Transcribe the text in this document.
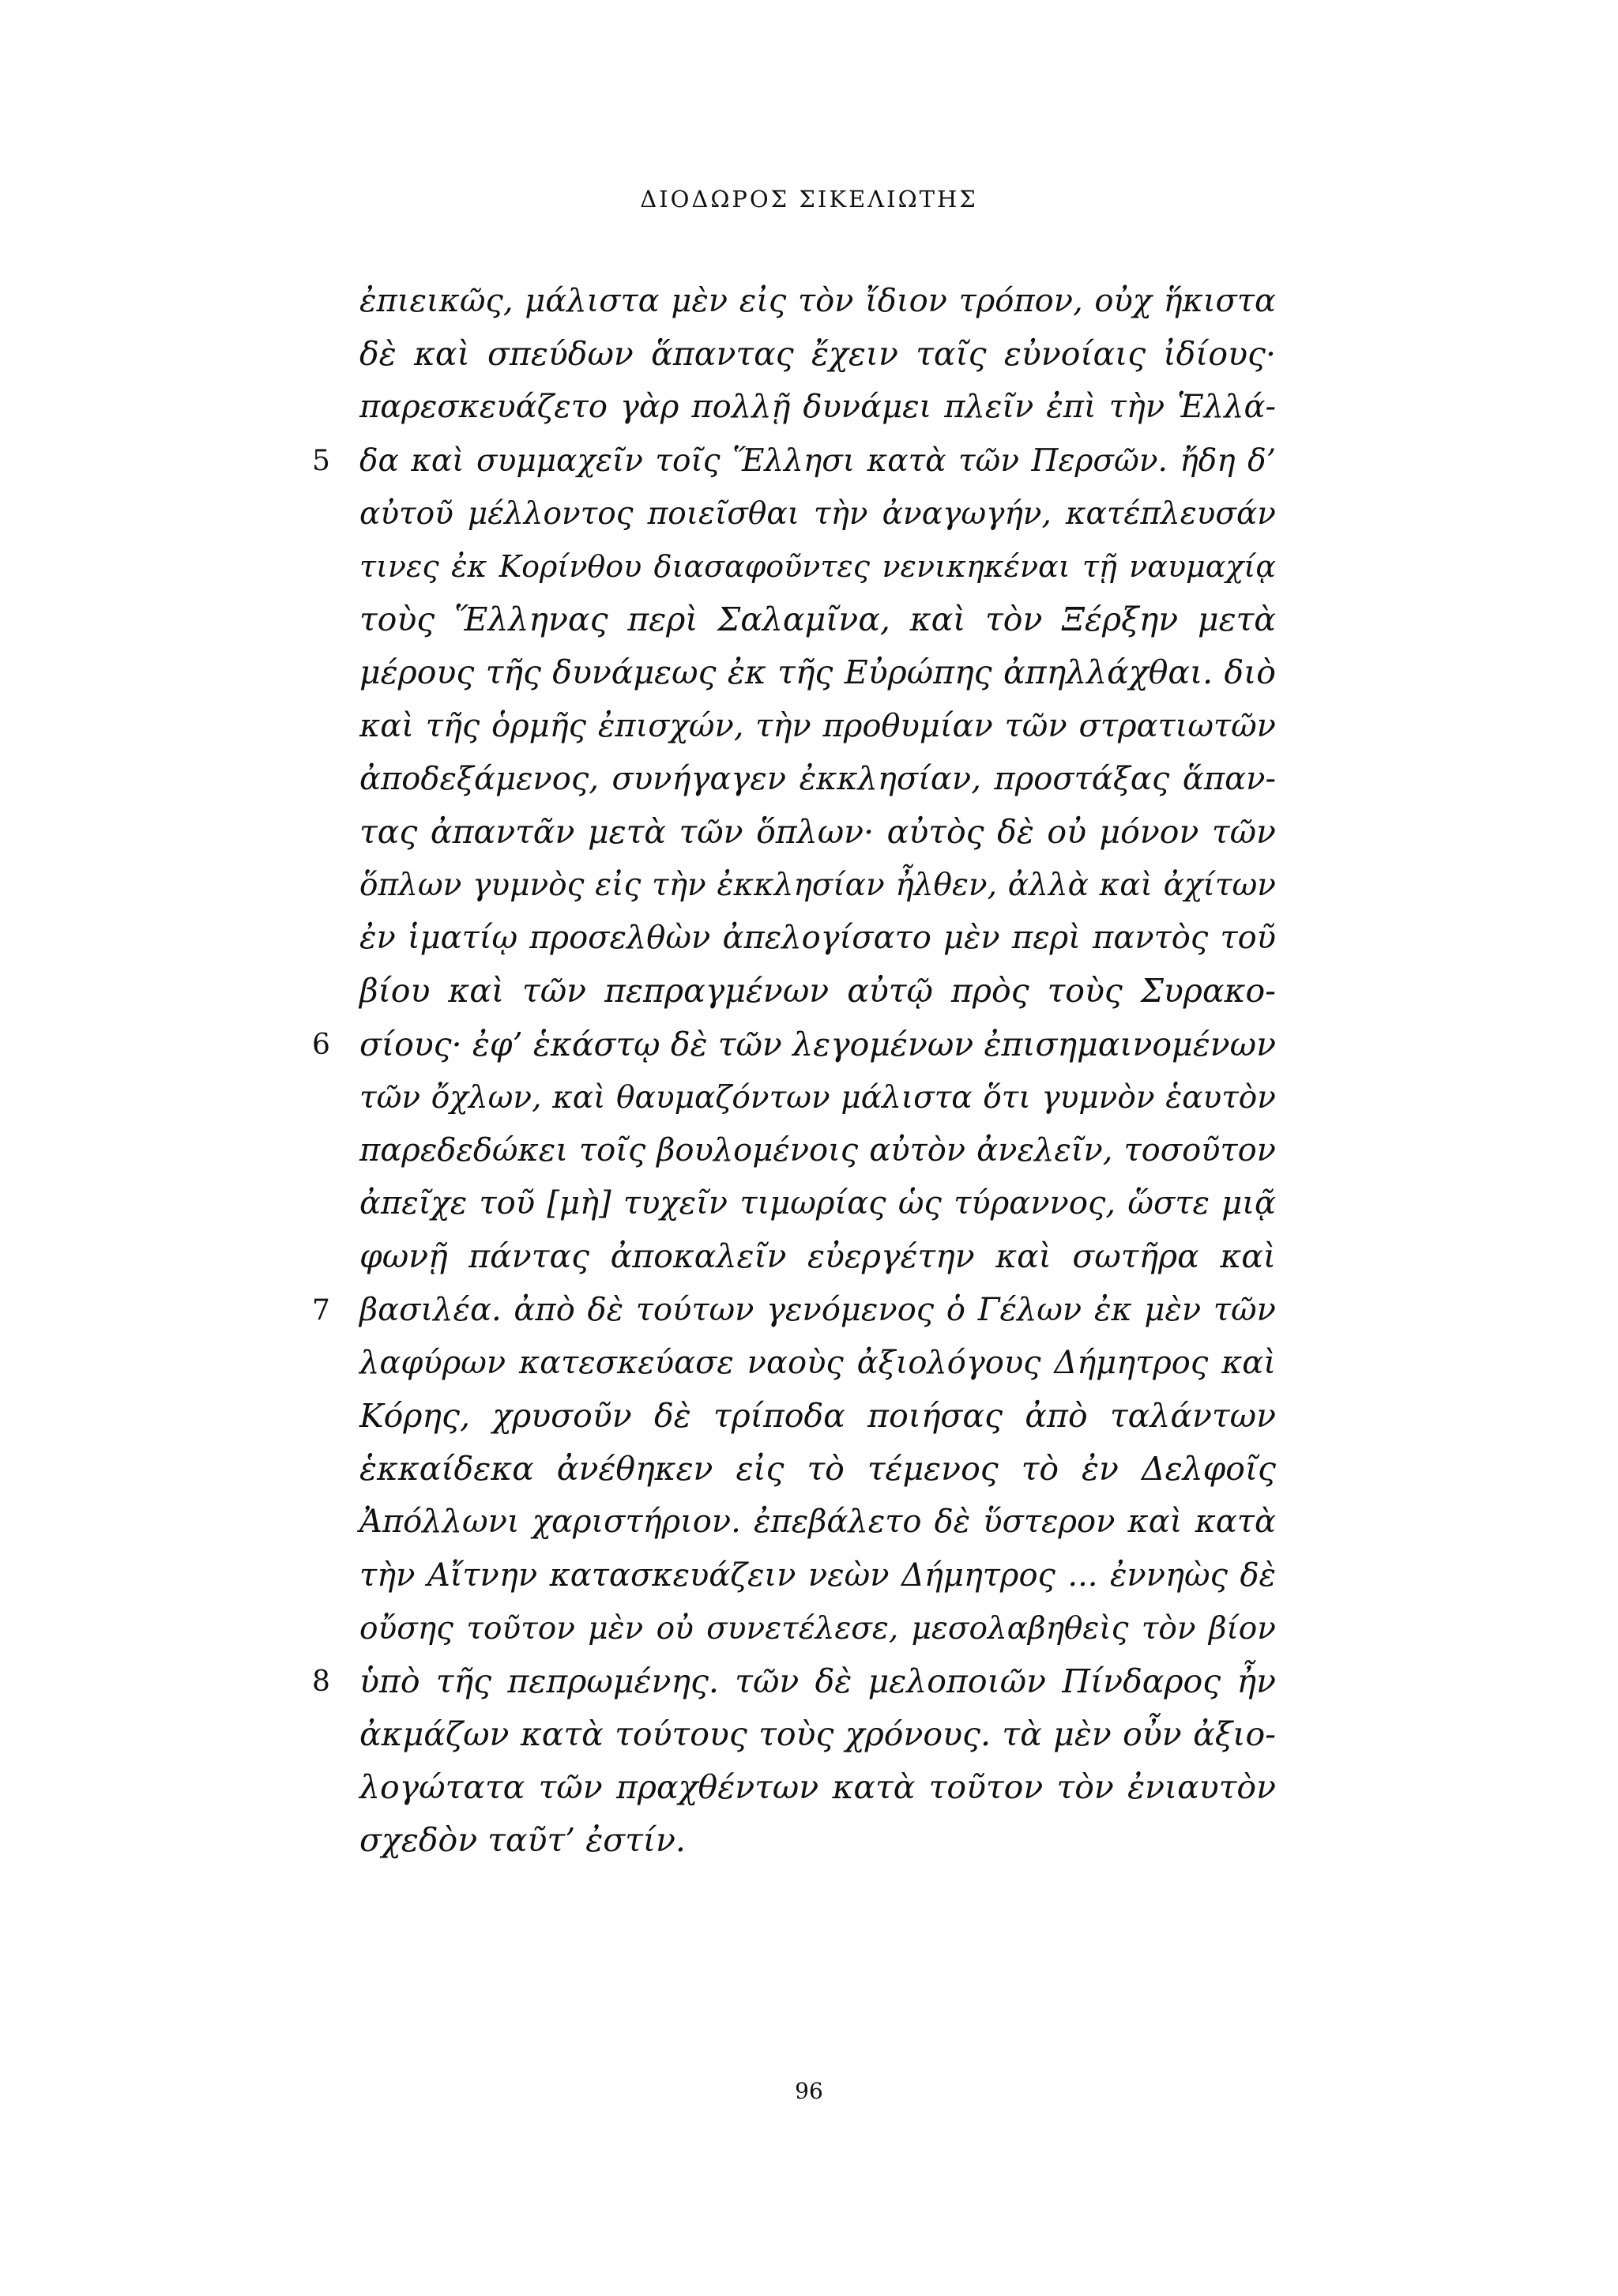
ΔΙΟΔΩΡΟΣ ΣΙΚΕΛΙΩΤΗΣ
ἐπιεικῶς, μάλιστα μὲν εἰς τὸν ἴδιον τρόπον, οὐχ ἥκιστα
δὲ καὶ σπεύδων ἅπαντας ἔχειν ταῖς εὐνοίαις ἰδίους·
παρεσκευάζετο γὰρ πολλῇ δυνάμει πλεῖν ἐπὶ τὴν Ἑλλά-
5 δα καὶ συμμαχεῖν τοῖς Ἕλλησι κατὰ τῶν Περσῶν. ἤδη δ’
αὐτοῦ μέλλοντος ποιεῖσθαι τὴν ἀναγωγήν, κατέπλευσάν
τινες ἐκ Κορίνθου διασαφοῦντες νενικηκέναι τῇ ναυμαχίᾳ
τοὺς Ἕλληνας περὶ Σαλαμῖνα, καὶ τὸν Ξέρξην μετὰ
μέρους τῆς δυνάμεως ἐκ τῆς Εὐρώπης ἀπηλλάχθαι. διὸ
καὶ τῆς ὁρμῆς ἐπισχών, τὴν προθυμίαν τῶν στρατιωτῶν
ἀποδεξάμενος, συνήγαγεν ἐκκλησίαν, προστάξας ἅπαν-
τας ἀπαντᾶν μετὰ τῶν ὅπλων· αὐτὸς δὲ οὐ μόνον τῶν
ὅπλων γυμνὸς εἰς τὴν ἐκκλησίαν ἦλθεν, ἀλλὰ καὶ ἀχίτων
ἐν ἱματίῳ προσελθὼν ἀπελογίσατο μὲν περὶ παντὸς τοῦ
βίου καὶ τῶν πεπραγμένων αὐτῷ πρὸς τοὺς Συρακο-
6 σίους· ἐφ’ ἑκάστῳ δὲ τῶν λεγομένων ἐπισημαινομένων
τῶν ὄχλων, καὶ θαυμαζόντων μάλιστα ὅτι γυμνὸν ἑαυτὸν
παρεδεδώκει τοῖς βουλομένοις αὐτὸν ἀνελεῖν, τοσοῦτον
ἀπεῖχε τοῦ [μὴ] τυχεῖν τιμωρίας ὡς τύραννος, ὥστε μιᾷ
φωνῇ πάντας ἀποκαλεῖν εὐεργέτην καὶ σωτῆρα καὶ
7 βασιλέα. ἀπὸ δὲ τούτων γενόμενος ὁ Γέλων ἐκ μὲν τῶν
λαφύρων κατεσκεύασε ναοὺς ἀξιολόγους Δήμητρος καὶ
Κόρης, χρυσοῦν δὲ τρίποδα ποιήσας ἀπὸ ταλάντων
ἑκκαίδεκα ἀνέθηκεν εἰς τὸ τέμενος τὸ ἐν Δελφοῖς
Ἀπόλλωνι χαριστήριον. ἐπεβάλετο δὲ ὕστερον καὶ κατὰ
τὴν Αἴτνην κατασκευάζειν νεὼν Δήμητρος ... ἐννηὼς δὲ
οὔσης τοῦτον μὲν οὐ συνετέλεσε, μεσολαβηθεὶς τὸν βίον
8 ὑπὸ τῆς πεπρωμένης. τῶν δὲ μελοποιῶν Πίνδαρος ἦν
ἀκμάζων κατὰ τούτους τοὺς χρόνους. τὰ μὲν οὖν ἀξιο-
λογώτατα τῶν πραχθέντων κατὰ τοῦτον τὸν ἐνιαυτὸν
σχεδὸν ταῦτ’ ἐστίν.
96
